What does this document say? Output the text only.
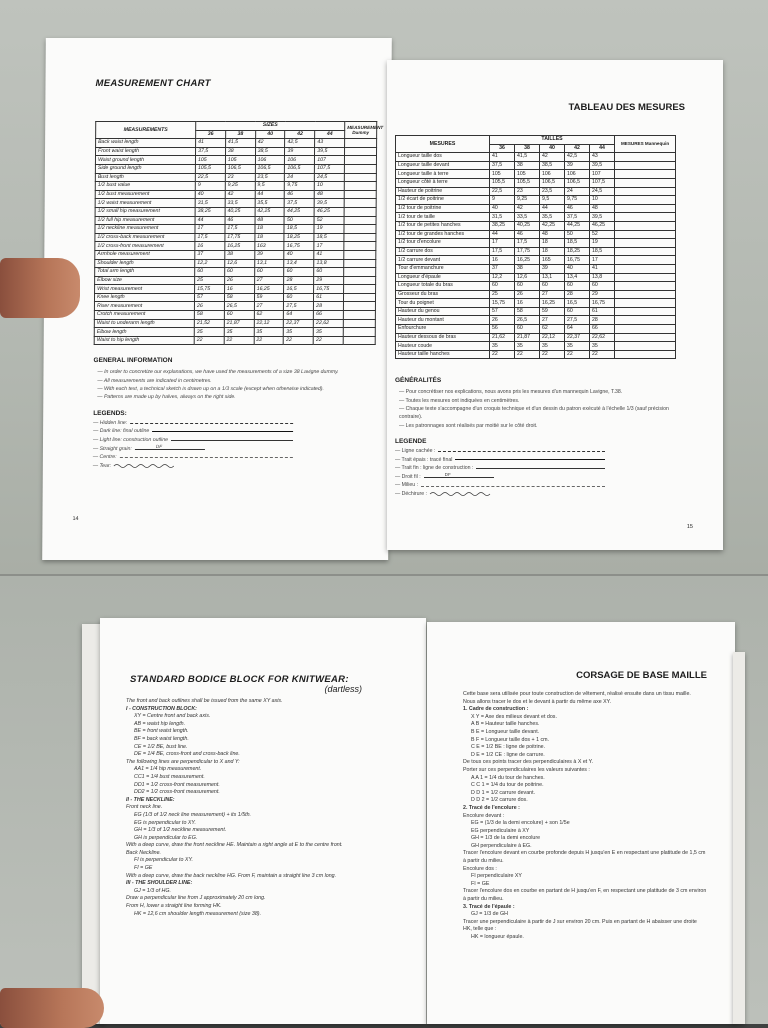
MEASUREMENT CHART
MEASUREMENTS	SIZES					MEASUREMENT Dummy
	36	38	40	42	44	
Back waist length	41	41,5	42	42,5	43	
Front waist length	37,5	38	38,5	39	39,5	
Waist ground length	105	105	106	106	107	
Side ground length	105,5	106,5	106,5	106,5	107,5	
Bust length	22,5	23	23,5	24	24,5	
1/2 bust value	9	9,25	9,5	9,75	10	
1/2 bust measurement	40	42	44	46	48	
1/2 waist measurement	31,5	33,5	35,5	37,5	39,5	
1/2 small hip measurement	38,25	40,25	42,25	44,25	46,25	
1/2 full hip measurement	44	46	48	50	52	
1/2 neckline measurement	17	17,5	18	18,5	19	
1/2 cross-back measurement	17,5	17,75	18	18,25	18,5	
1/2 cross-front measurement	16	16,25	163	16,75	17	
Armhole measurement	37	38	39	40	41	
Shoulder length	12,2	12,6	13,1	13,4	13,8	
Total arm length	60	60	60	60	60	
Elbow size	25	26	27	28	29	
Wrist measurement	15,75	16	16,25	16,5	16,75	
Knee length	57	58	59	60	61	
Riser measurement	26	26,5	27	27,5	28	
Crotch measurement	58	60	62	64	66	
Waist to underarm length	21,52	21,87	22,12	22,37	22,62	
Elbow length	35	35	35	35	35	
Waist to hip length	22	22	22	22	22	
GENERAL INFORMATION
— In order to concretize our explanations, we have used the measurements of a size 38 Lavigne dummy.
— All measurements are indicated in centimetres.
— With each text, a technical sketch is drawn up on a 1/3 scale (except when otherwise indicated).
— Patterns are made up by halves, always on the right side.
LEGENDS:
— Hidden line:
— Dark line: final outline
— Light line: construction outline
— Straight grain:	DF
— Centre:
— Tear:
14
TABLEAU DES MESURES
MESURES	TAILLES					MESURES Mannequin
	36	38	40	42	44	
Longueur taille dos	41	41,5	42	42,5	43	
Longueur taille devant	37,5	38	38,5	39	39,5	
Longueur taille à terre	105	105	106	106	107	
Longueur côté à terre	105,5	105,5	106,5	106,5	107,5	
Hauteur de poitrine	22,5	23	23,5	24	24,5	
1/2 écart de poitrine	9	9,25	9,5	9,75	10	
1/2 tour de poitrine	40	42	44	46	48	
1/2 tour de taille	31,5	33,5	35,5	37,5	39,5	
1/2 tour de petites hanches	38,25	40,25	42,25	44,25	46,25	
1/2 tour de grandes hanches	44	46	48	50	52	
1/2 tour d'encolure	17	17,5	18	18,5	19	
1/2 carrure dos	17,5	17,75	18	18,25	18,5	
1/2 carrure devant	16	16,25	165	16,75	17	
Tour d'emmanchure	37	38	39	40	41	
Longueur d'épaule	12,2	12,6	13,1	13,4	13,8	
Longueur totale du bras	60	60	60	60	60	
Grosseur du bras	25	26	27	28	29	
Tour du poignet	15,75	16	16,25	16,5	16,75	
Hauteur du genou	57	58	59	60	61	
Hauteur du montant	26	26,5	27	27,5	28	
Enfourchure	56	60	62	64	66	
Hauteur dessous de bras	21,62	21,87	22,12	22,37	22,62	
Hauteur coude	35	35	35	35	35	
Hauteur taille hanches	22	22	22	22	22	
GÉNÉRALITÉS
— Pour concrétiser nos explications, nous avons pris les mesures d'un mannequin Lavigne, T.38.
— Toutes les mesures ont indiquées en centimètres.
— Chaque texte s'accompagne d'un croquis technique et d'un dessin du patron exécuté à l'échelle 1/3 (sauf précision contraire).
— Les patronnages sont réalisés par moitié sur le côté droit.
LEGENDE
— Ligne cachée :
— Trait épais : tracé final
— Trait fin : ligne de construction :
— Droit fil :	DF
— Milieu :
— Déchirure :
15
STANDARD BODICE BLOCK FOR KNITWEAR:
(dartless)
The front and back outlines shall be issued from the same XY axis.
I - CONSTRUCTION BLOCK:
XY = Centre front and back axis.
AB = waist hip length.
BE = front waist length.
BF = back waist length.
CE = 1/2 BE, bust line.
DE = 1/4 BE, cross-front and cross-back line.
The following lines are perpendicular to X and Y:
AA1 = 1/4 hip measurement.
CC1 = 1/4 bust measurement.
DD1 = 1/2 cross-front measurement.
DD2 = 1/2 cross-front measurement.
II - THE NECKLINE:
Front neck line.
EG (1/3 of 1/2 neck line measurement) + its 1/5th.
EG is perpendicular to XY.
GH = 1/3 of 1/2 neckline measurement.
GH is perpendicular to EG.
With a deep curve, draw the front neckline HE. Maintain a right angle at E to the centre front.
Back Neckline.
FI is perpendicular to XY.
FI = GE
With a deep curve, draw the back neckline HG. From F, maintain a straight line 3 cm long.
III - THE SHOULDER LINE:
GJ = 1/3 of HG.
Draw a perpendicular line from J approximately 20 cm long.
From H, lower a straight line forming HK.
HK = 12,6 cm shoulder length measurement (size 38).
CORSAGE DE BASE MAILLE
Cette base sera utilisée pour toute construction de vêtement, réalisé ensuite dans un tissu maille.
Nous allons tracer le dos et le devant à partir du même axe XY.
1. Cadre de construction :
X Y = Axe des milieux devant et dos.
A B = Hauteur taille hanches.
B E = Longueur taille devant.
B F = Longueur taille dos + 1 cm.
C E = 1/2 BE : ligne de poitrine.
D E = 1/2 CE : ligne de carrure.
De tous ces points tracer des perpendiculaires à X et Y.
Porter sur ces perpendiculaires les valeurs suivantes :
A A 1 = 1/4 du tour de hanches.
C C 1 = 1/4 du tour de poitrine.
D D 1 = 1/2 carrure devant.
D D 2 = 1/2 carrure dos.
2. Tracé de l'encolure :
Encolure devant :
EG = (1/3 de la demi encolure) + son 1/5e
EG perpendiculaire à XY
GH = 1/3 de la demi encolure
GH perpendiculaire à EG.
Tracer l'encolure devant en courbe profonde depuis H jusqu'en E en respectant une platitude de 1,5 cm à partir du milieu.
Encolure dos :
FI perpendiculaire XY
FI = GE
Tracer l'encolure dos en courbe en partant de H jusqu'en F, en respectant une platitude de 3 cm environ à partir du milieu.
3. Tracé de l'épaule :
GJ = 1/3 de GH
Tracer une perpendiculaire à partir de J sur environ 20 cm. Puis en partant de H abaisser une droite HK, telle que :
HK = longueur épaule.
